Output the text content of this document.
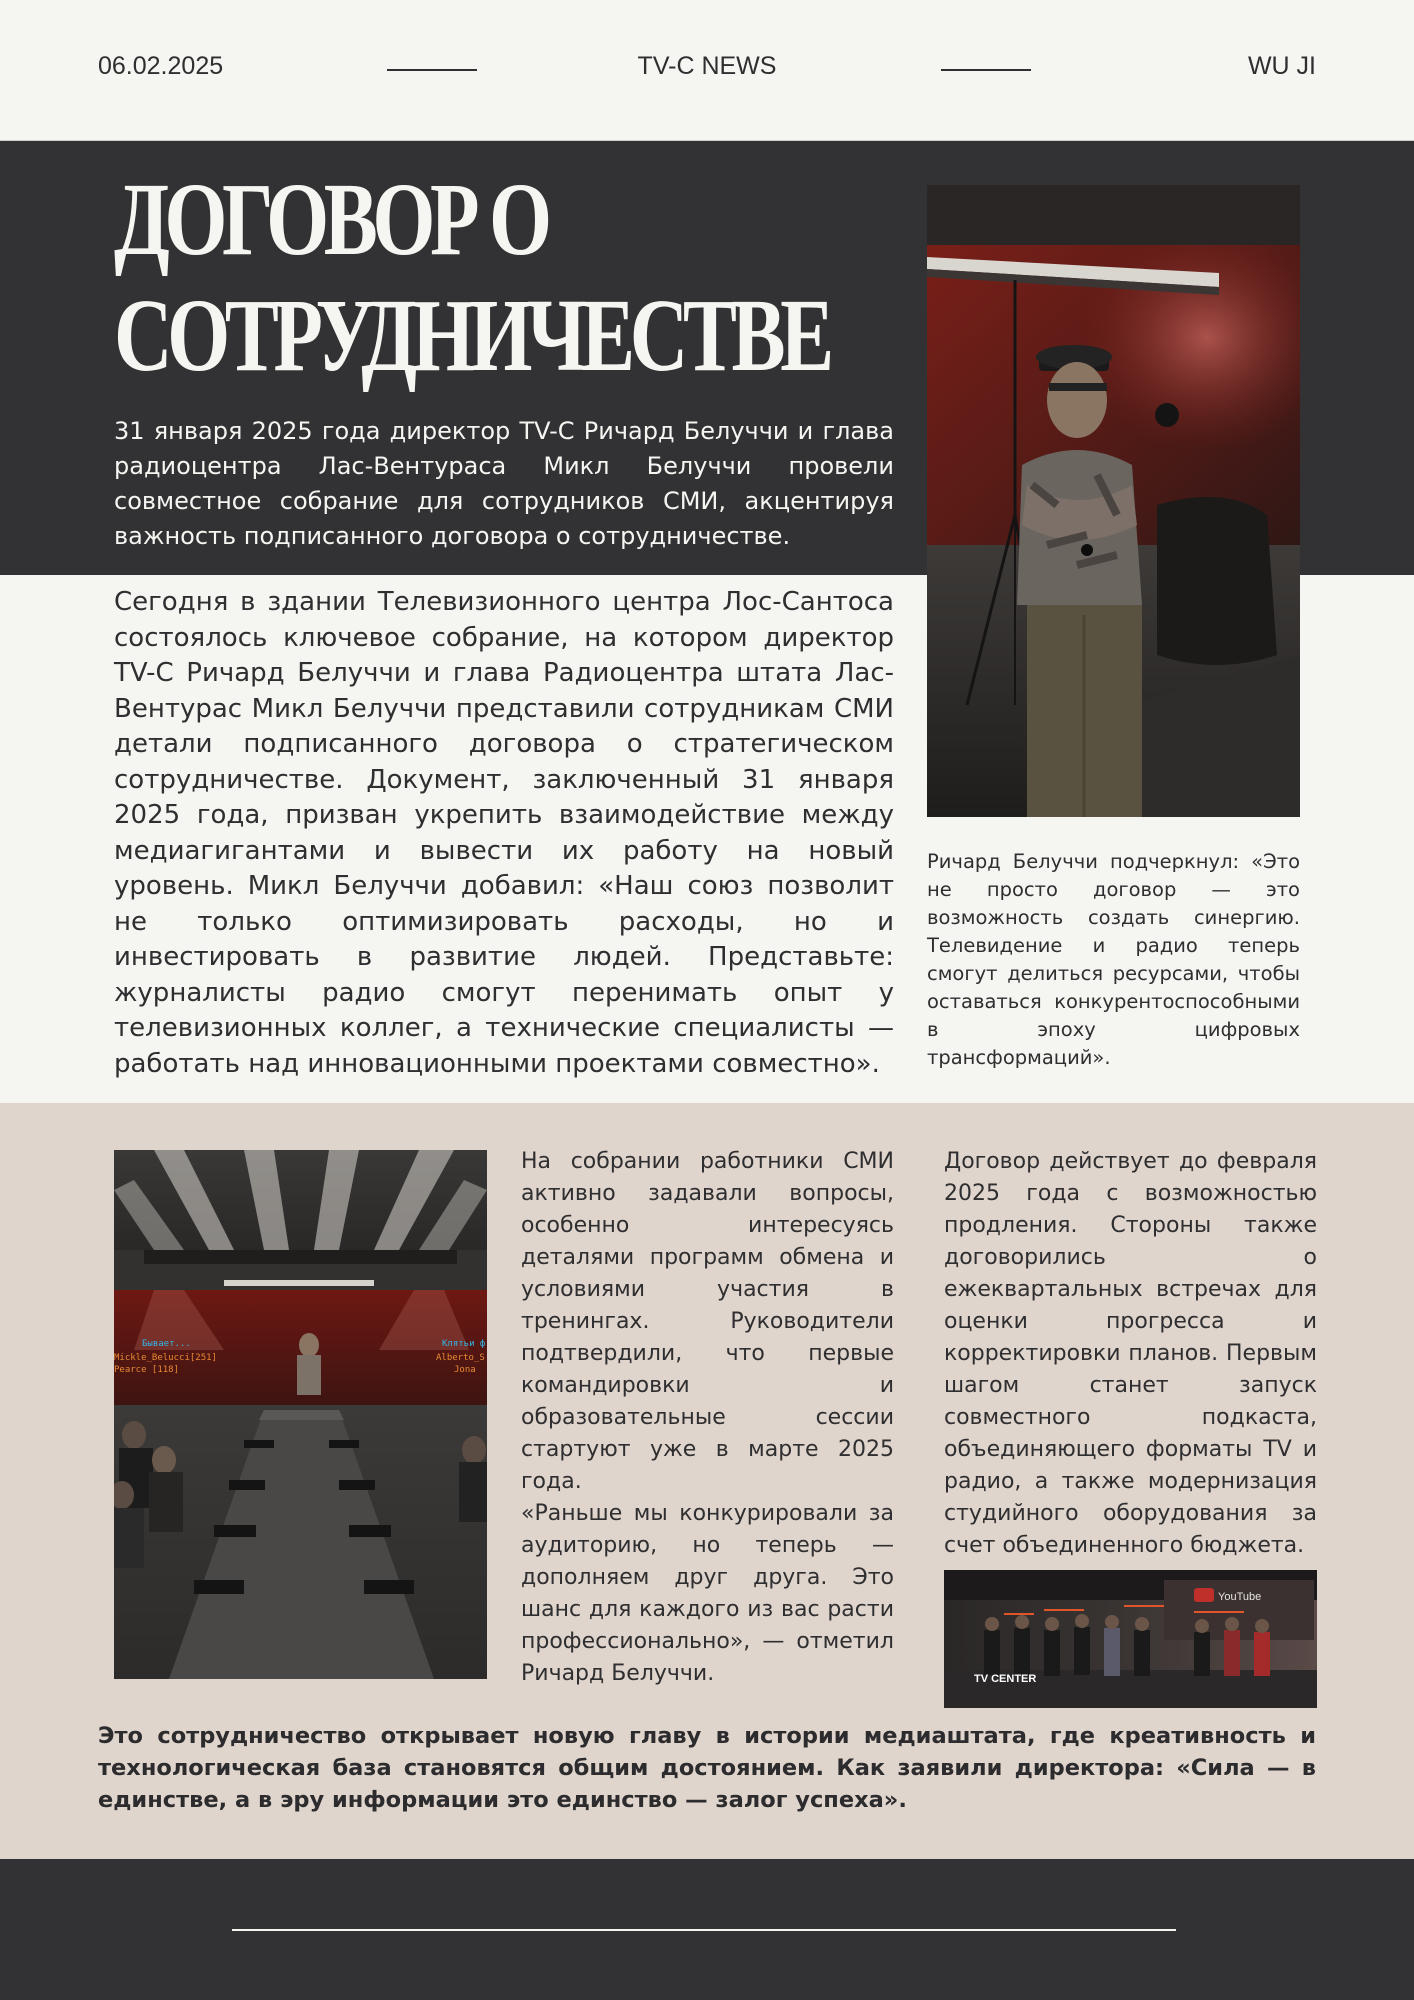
06.02.2025	TV-C NEWS	WU JI
ДОГОВОР О СОТРУДНИЧЕСТВЕ

31 января 2025 года директор TV-C Ричард Белуччи и глава радиоцентра Лас-Вентураса Микл Белуччи провели совместное собрание для сотрудников СМИ, акцентируя важность подписанного договора о сотрудничестве.

Сегодня в здании Телевизионного центра Лос-Сантоса состоялось ключевое собрание, на котором директор TV-C Ричард Белуччи и глава Радиоцентра штата Лас-Вентурас Микл Белуччи представили сотрудникам СМИ детали подписанного договора о стратегическом сотрудничестве. Документ, заключенный 31 января 2025 года, призван укрепить взаимодействие между медиагигантами и вывести их работу на новый уровень. Микл Белуччи добавил: «Наш союз позволит не только оптимизировать расходы, но и инвестировать в развитие людей. Представьте: журналисты радио смогут перенимать опыт у телевизионных коллег, а технические специалисты — работать над инновационными проектами совместно».

Ричард Белуччи подчеркнул: «Это не просто договор — это возможность создать синергию. Телевидение и радио теперь смогут делиться ресурсами, чтобы оставаться конкурентоспособными в эпоху цифровых трансформаций».

Бывает...
Mickle_Belucci[251]
Pearce [118]
Клятьи ф
Alberto_S
Jona

На собрании работники СМИ активно задавали вопросы, особенно интересуясь деталями программ обмена и условиями участия в тренингах. Руководители подтвердили, что первые командировки и образовательные сессии стартуют уже в марте 2025 года.

«Раньше мы конкурировали за аудиторию, но теперь — дополняем друг друга. Это шанс для каждого из вас расти профессионально», — отметил Ричард Белуччи.

Договор действует до февраля 2025 года с возможностью продления. Стороны также договорились о ежеквартальных встречах для оценки прогресса и корректировки планов. Первым шагом станет запуск совместного подкаста, объединяющего форматы TV и радио, а также модернизация студийного оборудования за счет объединенного бюджета.

YouTube
TV CENTER

Это сотрудничество открывает новую главу в истории медиаштата, где креативность и технологическая база становятся общим достоянием. Как заявили директора: «Сила — в единстве, а в эру информации это единство — залог успеха».
